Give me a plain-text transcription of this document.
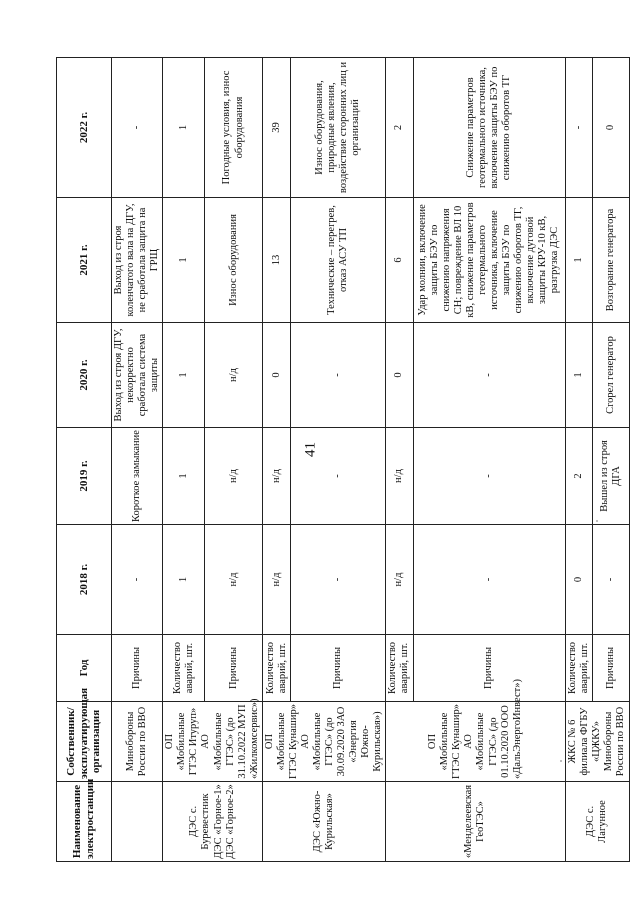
41
Наименование электростанции	Собственник/ эксплуатирующая организация	Год	2018 г.	2019 г.	2020 г.	2021 г.	2022 г.
	Минобороны России по ВВО	Причины	-	Короткое замыкание	Выход из строя ДГУ, некорректно сработала система защиты	Выход из строя коленчатого вала на ДГУ, не сработала защита на ГРЩ	-
ДЭС с. Буревестник ДЭС «Горное-1» ДЭС «Горное-2»	ОП «Мобильные ГТЭС Итуруп» АО «Мобильные ГТЭС» (до 31.10.2022 МУП «Жилкомсервис»)	Количество аварий, шт.	1	1	1	1	1
		Причины	н/д	н/д	н/д	Износ оборудования	Погодные условия, износ оборудования
ДЭС «Южно-Курильская»	ОП «Мобильные ГТЭС Кунашир» АО «Мобильные ГТЭС» (до 30.09.2020 ЗАО «Энергия Южно-Курильская»)	Количество аварий, шт.	н/д	н/д	0	13	39
		Причины	-	-	-	Технические – перегрев, отказ АСУ ТП	Износ оборудования, природные явления, воздействие сторонних лиц и организаций
«Менделеевская ГеоТЭС»	ОП «Мобильные ГТЭС Кунашир» АО «Мобильные ГТЭС» (до 01.10.2020 ООО «ДальЭнергоИнвест»)	Количество аварий, шт.	н/д	н/д	0	6	2
		Причины	-	-	-	Удар молнии, включение защиты БЭУ по снижению напряжения СН; повреждение ВЛ 10 кВ, снижение параметров геотермального источника, включение защиты БЭУ по снижению оборотов ТГ, включение дуговой защиты КРУ-10 кВ, разгрузка ДЭС	Снижение параметров геотермального источника, включение защиты БЭУ по снижению оборотов ТГ
ДЭС с. Лагунное	ЖКС № 6 филиала ФГБУ «ЦЖКУ» Минобороны России по ВВО	Количество аварий, шт.	0	2	1	1	-
		Причины	-	Вышел из строя ДГА	Сгорел генератор	Возгорание генератора	0
